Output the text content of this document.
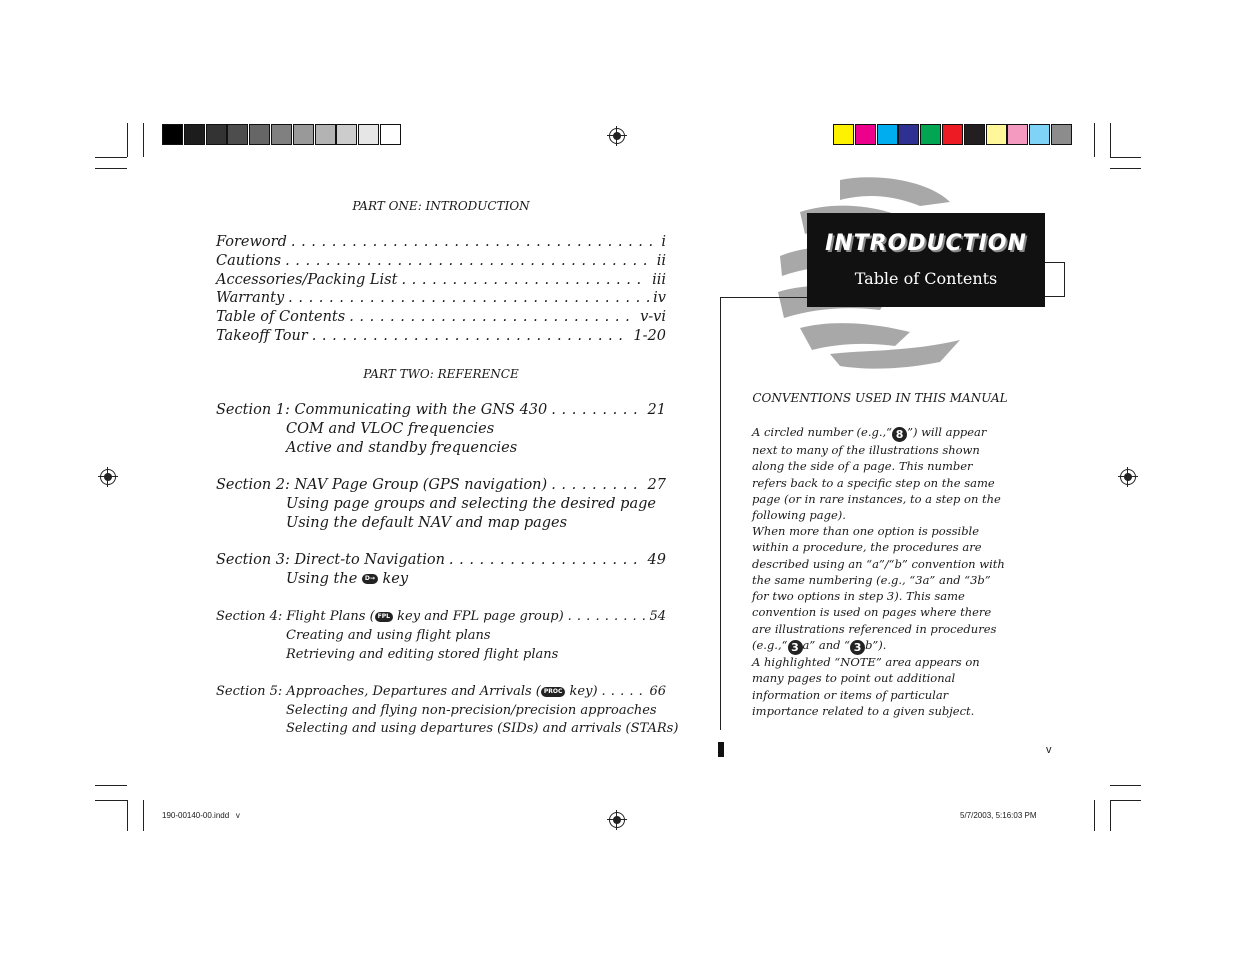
PART ONE: INTRODUCTION
Foreword . . .	i
Cautions . . .	ii
Accessories/Packing List . . .	iii
Warranty . . .	iv
Table of Contents . . .	v-vi
Takeoff Tour . . .	1-20
PART TWO: REFERENCE
Section 1: Communicating with the GNS 430 . . .	21
COM and VLOC frequencies
Active and standby frequencies
Section 2: NAV Page Group (GPS navigation) . . .	27
Using page groups and selecting the desired page
Using the default NAV and map pages
Section 3: Direct-to Navigation . . .	49
Using the D→ key
Section 4: Flight Plans ( FPL key and FPL page group) . . .	54
Creating and using flight plans
Retrieving and editing stored flight plans
Section 5: Approaches, Departures and Arrivals ( PROC key) . . .	66
Selecting and flying non-precision/precision approaches
Selecting and using departures (SIDs) and arrivals (STARs)
INTRODUCTION
Table of Contents
CONVENTIONS USED IN THIS MANUAL
A circled number (e.g.,“ 8 ”) will appear next to many of the illustrations shown along the side of a page. This number refers back to a specific step on the same page (or in rare instances, to a step on the following page).
When more than one option is possible within a procedure, the procedures are described using an “a”/“b” convention with the same numbering (e.g., “3a” and “3b” for two options in step 3). This same convention is used on pages where there are illustrations referenced in procedures (e.g.,“ 3 a” and “ 3 b”).
A highlighted “NOTE” area appears on many pages to point out additional information or items of particular importance related to a given subject.
v
190-00140-00.indd   v	5/7/2003, 5:16:03 PM
